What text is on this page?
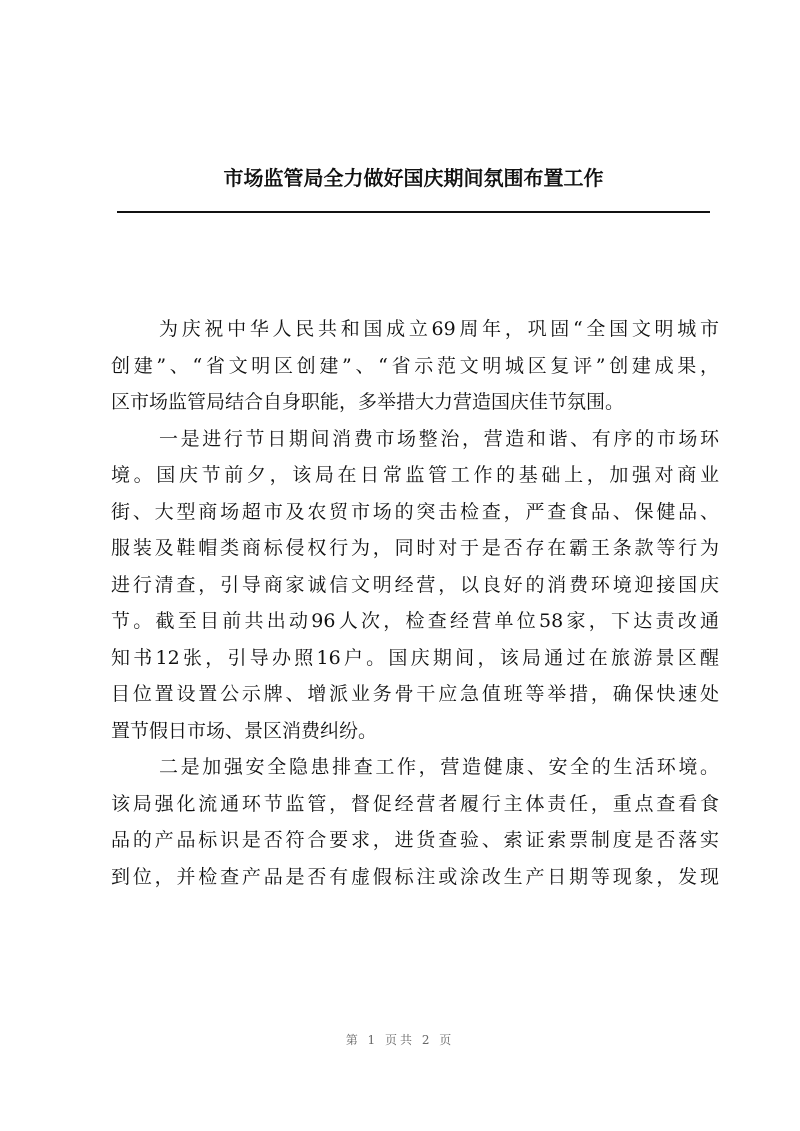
市场监管局全力做好国庆期间氛围布置工作
为庆祝中华人民共和国成立69周年，巩固“全国文明城市
创建”、“省文明区创建”、“省示范文明城区复评”创建成果，
区市场监管局结合自身职能，多举措大力营造国庆佳节氛围。
一是进行节日期间消费市场整治，营造和谐、有序的市场环
境。国庆节前夕，该局在日常监管工作的基础上，加强对商业
街、大型商场超市及农贸市场的突击检查，严查食品、保健品、
服装及鞋帽类商标侵权行为，同时对于是否存在霸王条款等行为
进行清查，引导商家诚信文明经营，以良好的消费环境迎接国庆
节。截至目前共出动96人次，检查经营单位58家，下达责改通
知书12张，引导办照16户。国庆期间，该局通过在旅游景区醒
目位置设置公示牌、增派业务骨干应急值班等举措，确保快速处
置节假日市场、景区消费纠纷。
二是加强安全隐患排查工作，营造健康、安全的生活环境。
该局强化流通环节监管，督促经营者履行主体责任，重点查看食
品的产品标识是否符合要求，进货查验、索证索票制度是否落实
到位，并检查产品是否有虚假标注或涂改生产日期等现象，发现
第 1 页共 2 页
